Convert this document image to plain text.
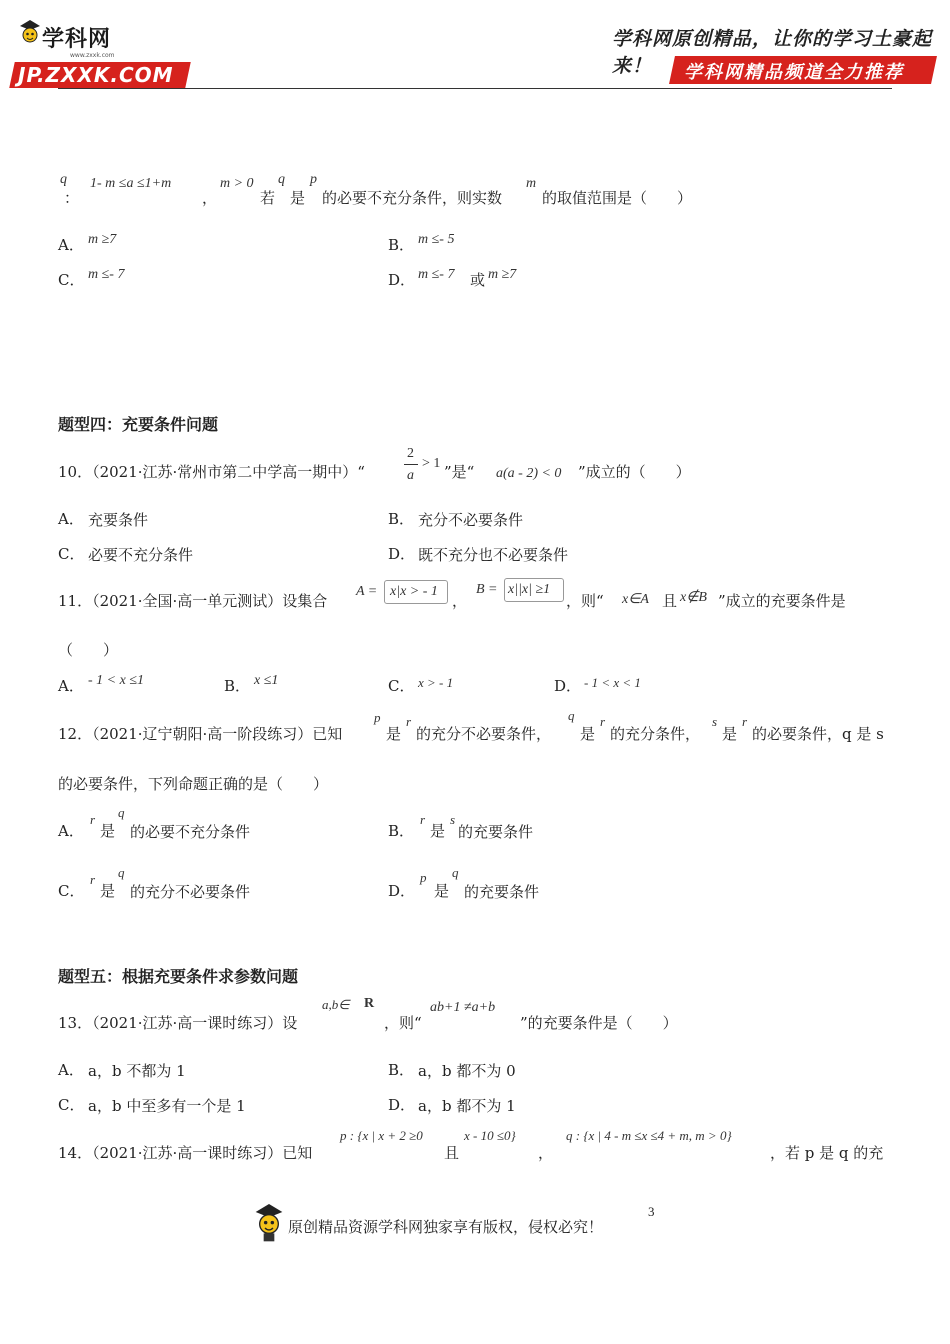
学科网
www.zxxk.com
JP.ZXXK.COM
学科网原创精品，让你的学习土豪起来！	学科网精品频道全力推荐
q
：
1- m ≤a ≤1+m
，
m > 0
若
q
是
p
的必要不充分条件，则实数
m
的取值范围是（　　）
A． m ≥7	B． m ≤- 5
C． m ≤- 7	D． m ≤- 7 或 m ≥7
题型四：充要条件问题
10．（2021·江苏·常州市第二中学高一期中）“
2
a
> 1 ”是“ a(a - 2) < 0 ”成立的（　　）
A． 充要条件	B． 充分不必要条件
C． 必要不充分条件	D． 既不充分也不必要条件
11．（2021·全国·高一单元测试）设集合
A = x|x > - 1
，
B = x||x| ≥1
，则“ x∈A 且 x∉B ”成立的充要条件是
（　　）
A． - 1 < x ≤1	B． x ≤1	C． x > - 1	D． - 1 < x < 1
12．（2021·辽宁朝阳·高一阶段练习）已知
p
是
r
的充分不必要条件，
q
是
r
的充分条件，
s
是
r
的必要条件，q 是 s
的必要条件，下列命题正确的是（　　）
A．
r
是
q
的必要不充分条件	B．
r
是
s
的充要条件
C．
r
是
q
的充分不必要条件	D．
p
是
q
的充要条件
题型五：根据充要条件求参数问题
13．（2021·江苏·高一课时练习）设
a,b∈ R
，则“
ab+1 ≠a+b
”的充要条件是（　　）
A． a，b 不都为 1	B． a，b 都不为 0
C． a，b 中至多有一个是 1	D． a，b 都不为 1
14．（2021·江苏·高一课时练习）已知
p : {x | x + 2 ≥0
且
x - 10 ≤0}
，
q : {x | 4 - m ≤x ≤4 + m, m > 0}
，若 p 是 q 的充
原创精品资源学科网独家享有版权，侵权必究！
3
